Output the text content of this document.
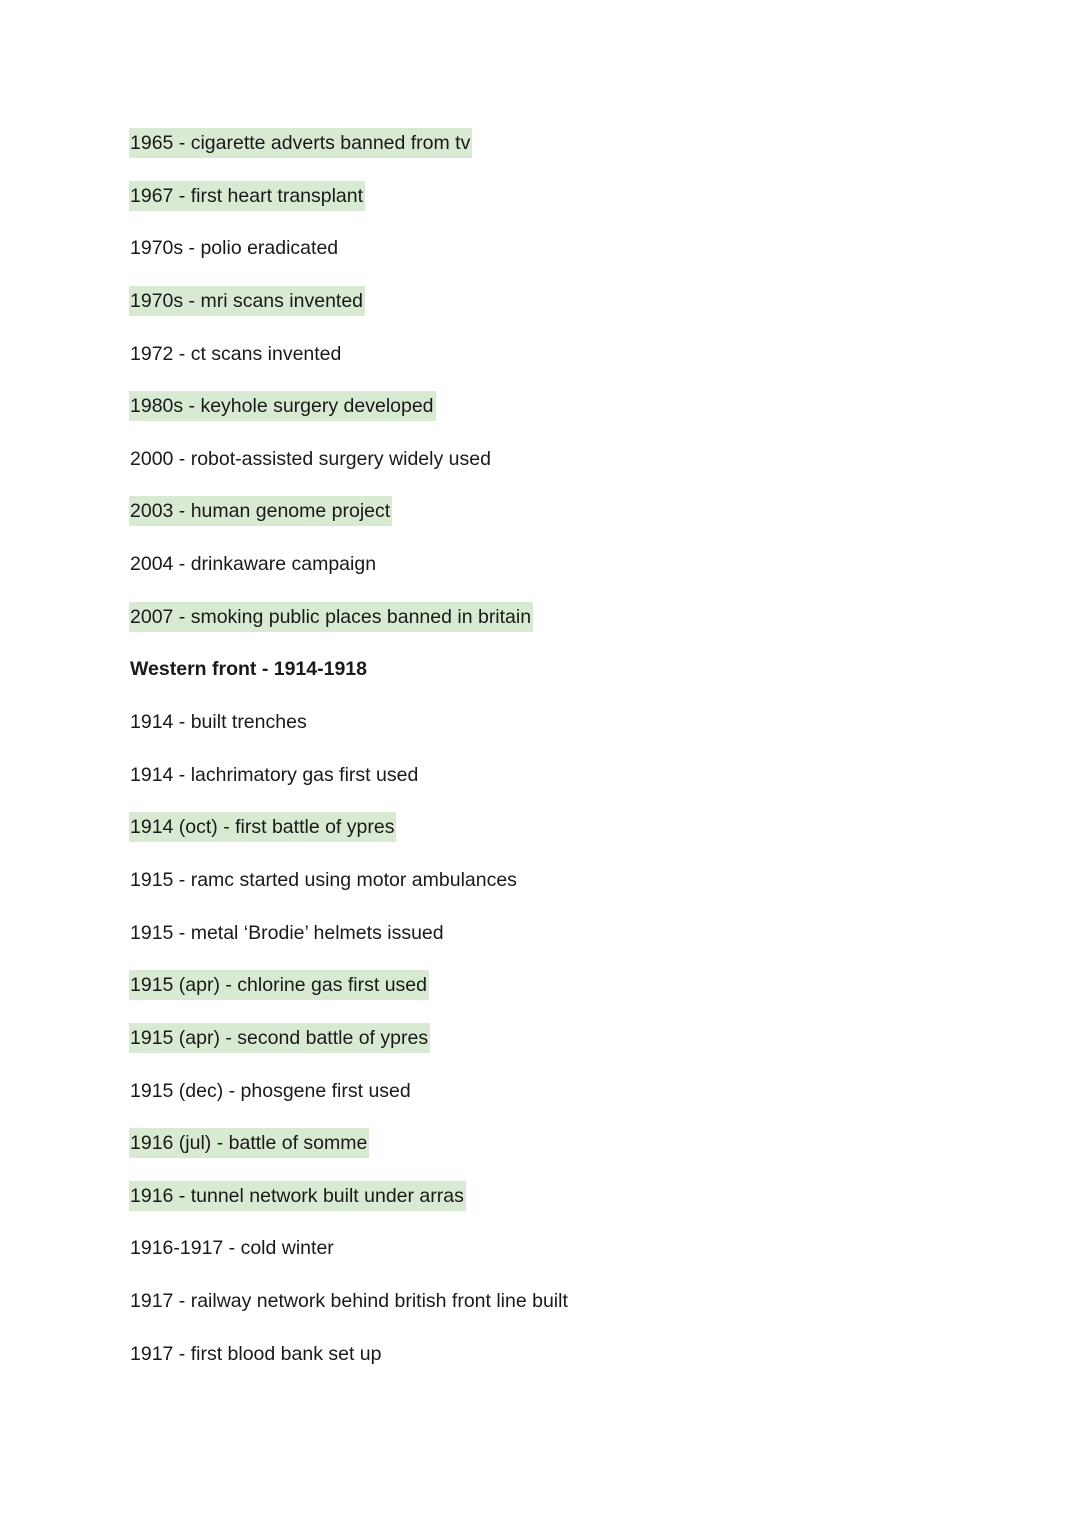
1965 - cigarette adverts banned from tv
1967 - first heart transplant
1970s - polio eradicated
1970s - mri scans invented
1972 - ct scans invented
1980s - keyhole surgery developed
2000 - robot-assisted surgery widely used
2003 - human genome project
2004 - drinkaware campaign
2007 - smoking public places banned in britain
Western front - 1914-1918
1914 - built trenches
1914 - lachrimatory gas first used
1914 (oct) - first battle of ypres
1915 - ramc started using motor ambulances
1915 - metal ‘Brodie’ helmets issued
1915 (apr) - chlorine gas first used
1915 (apr) - second battle of ypres
1915 (dec) - phosgene first used
1916 (jul) - battle of somme
1916 - tunnel network built under arras
1916-1917 - cold winter
1917 - railway network behind british front line built
1917 - first blood bank set up
